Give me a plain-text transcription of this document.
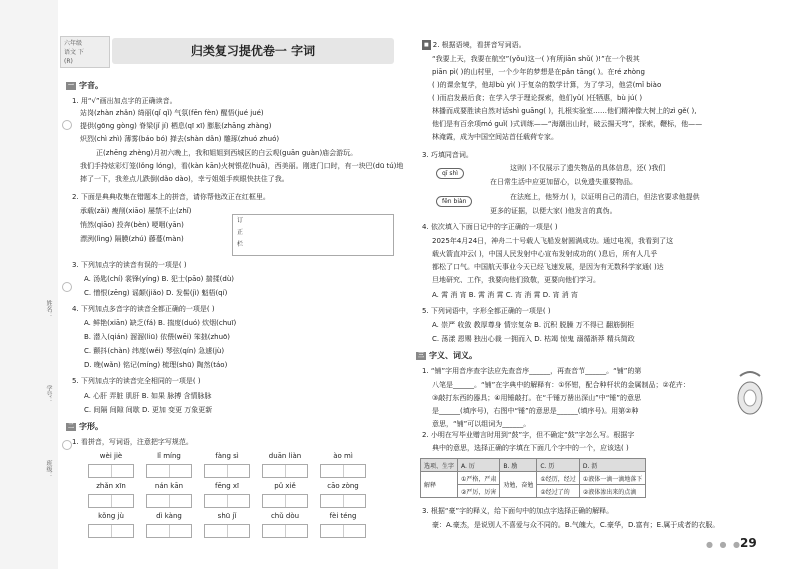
姓名：
学号：
班级：
六年级
语文 下
(R)
归类复习提优卷一 字词
一 字音。
1. 用“√”画出加点字的正确读音。
站岗(zhàn zhǎn) 绮丽(qǐ qǐ) 气氛(fēn fèn) 醒悟(jué jué)
提供(gōng gòng) 脊梁(jǐ jí) 栖息(qī xī) 膨胀(zhāng zhàng)
炽烈(chì zhì) 薄雾(báo bó) 掸去(shàn dǎn) 雕琢(zhuó zhuó)
正(zhēng zhèng)月初六晚上，我和姐姐到西城区的白云观(guān guàn)庙会游玩。
我们手持炫彩灯笼(lǒng lóng)，看(kàn kān)火树银花(huā)，西美丽。刚进门口时，有一块巴(dū tú)地
摔了一下，我差点儿跌倒(dǎo dào)，幸亏姐姐手疾眼快扶住了我。
2. 下面是典典收集在错题本上的拼音，请你帮他改正在红框里。
承载(zǎi) 瘦削(xiāo) 屡禁不止(zhǐ)
悄然(qiāo) 投奔(bèn) 哽咽(yān)
漂洌(lìng) 隔膜(zhú) 藤蔓(màn)
订
正
栏
3. 下列加点字的读音有误的一项是( )
A. 汤匙(chí) 裳锋(yíng) B. 犯士(pāo) 揣揉(dù)
C. 憎恨(zēng) 谣颠(jiǎo) D. 发髻(jì) 魁梧(qí)
4. 下列加点多音字的读音全都正确的一项是( )
A. 鲜艳(xiān) 缺乏(fá) B. 揣度(duó) 炊烟(chuī)
B. 潜入(qián) 溜溜(liū) 依偎(wēi) 笨拙(zhuō)
C. 颤抖(chàn) 纬度(wěi) 琴弦(qín) 急遽(jù)
D. 晚(wǎn) 铭记(míng) 梳理(shū) 陶然(táo)
5. 下列加点字的读音完全相同的一项是( )
A. 心肝 弄脏 肌肝 B. 如果 脉搏 含情脉脉
C. 间隔 间隙 间歇 D. 更加 变更 万象更新
二 字形。
1. 看拼音，写词语，注意把字写规范。
wèi jiè	lǐ míng	fàng sì	duān liàn	ào mì
zhǎn xīn	nán kān	fēng xī	pǔ xiě	cāo zòng
kǒng jù	dì kàng	shū jǐ	chǔ dòu	fèi téng
■ 2. 根据语境，看拼音写词语。
“我要上天，我要在航空”(yǒu)这一( )有所jiān shǔ( )!”在一个极其
piān pì( )的山村里，一个少年的梦想是在pǎn tāng( )。在ré zhòng
( )的课余复学，他却bù yì( )于复杂的数学计算，为了学习，他尝(mǐ biào
( )而启发最后食；在学入学于理论探索，他们yǔ( )任牺惠，bù jú( )
林播而成要胜读自然对话shì guāng( )，扎根实验室……他们精神像大树上的zì gě( ),
他们是有百余项mó guǐ( )式训练——“海潮出山时，破云揚天穹”，探索，鞭标，他——
林淹霞，成为中国空间站首任载荷专家。
3. 巧填同音词。
qī shì
这则( )不仅展示了遗失物品的具体信息，还( )我们
在日常生活中应更加留心，以免遗失重要物品。
fēn biàn
在法庭上，他努力( )，以证明自己的清白，但法官要求他提供
更多的证据，以便大家( )他发言的真伪。
4. 依次填入下面日记中的字正确的一项是( )
2025年4月24日，神舟二十号载人飞船发射圆满成功。通过电视，我看到了这
载火箭直冲云( )，中国人民发射中心宣布发射成功的( )息后，所有人几乎
都松了口气。中国航天事业今天已经飞速发展，是因为有无数科学家通( )达
旦地研究、工作，我要向他们致敬，更要向他们学习。
A. 霄 消 宵 B. 霄 消 霄 C. 宵 消 霄 D. 宵 消 宵
5. 下列词语中，字形全都正确的一项是( )
A. 崇严 收敛 教厚尊身 情宗复杂 B. 沉积 脱臊 万不得已 翻筋倒柜
C. 荡漾 恩赐 独出心裁 一拥而入 D. 枯竭 惊鬼 溺循渐莽 精兵简政
三 字义、词义。
1. “铺”字用音序查字法应先查音序______，再查音节______。“铺”的第
八笔是______。“铺”在字典中的解释有：①怀钳，配合种杆状的金属制品；②花卉：
③敲打东西的器具；④用锤敲打。在“千锤万凿出深山”中“锤”的意思
是______(填序号)，右图中“锤”的意思是______(填序号)。用第②种
意思，“铺”可以组词为______。
2. 小明在写毕业赠言时用到“鼓”字，但不确定“鼓”字怎么写。根据字
典中的意思，选择正确的字填在下面几个字中的一个，应该选( )
选项、生字	A. 厉	B. 励	C. 历	D. 沥
解释	①严格，严肃	劝勉，奋勉	①经历，经过	①液体一滴一滴地落下
	②严厉，厉害		②经过了的	②液体渗出来的点滴
3. 根据“豪”字的释义，给下面句中的加点字选择正确的解释。
豪：A.豪杰，是说别人不喜爱与众不同的。B.气魄大，C.豪华，D.富有；E.属于成者的衣服。
● ● ●
29
